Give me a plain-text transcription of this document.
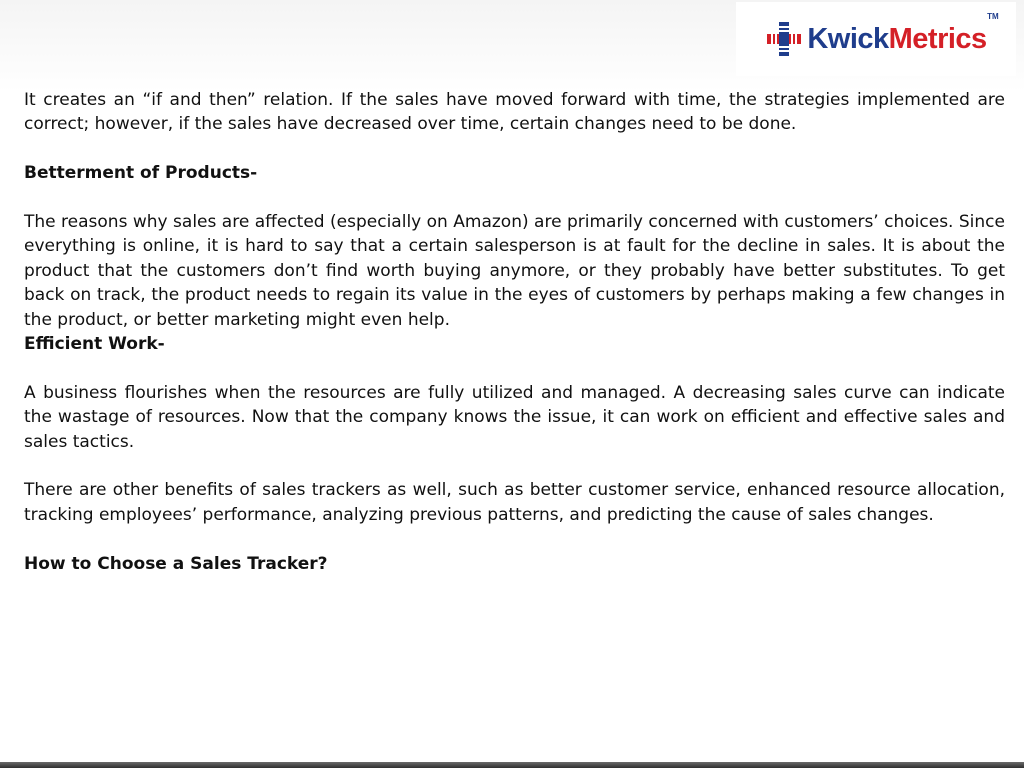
KwickMetrics
TM

It creates an “if and then” relation. If the sales have moved forward with time, the strategies implemented are correct; however, if the sales have decreased over time, certain changes need to be done.

Betterment of Products-

The reasons why sales are affected (especially on Amazon) are primarily concerned with customers’ choices. Since everything is online, it is hard to say that a certain salesperson is at fault for the decline in sales. It is about the product that the customers don’t find worth buying anymore, or they probably have better substitutes. To get back on track, the product needs to regain its value in the eyes of customers by perhaps making a few changes in the product, or better marketing might even help.

Efficient Work-

A business flourishes when the resources are fully utilized and managed. A decreasing sales curve can indicate the wastage of resources. Now that the company knows the issue, it can work on efficient and effective sales and sales tactics.

There are other benefits of sales trackers as well, such as better customer service, enhanced resource allocation, tracking employees’ performance, analyzing previous patterns, and predicting the cause of sales changes.

How to Choose a Sales Tracker?
